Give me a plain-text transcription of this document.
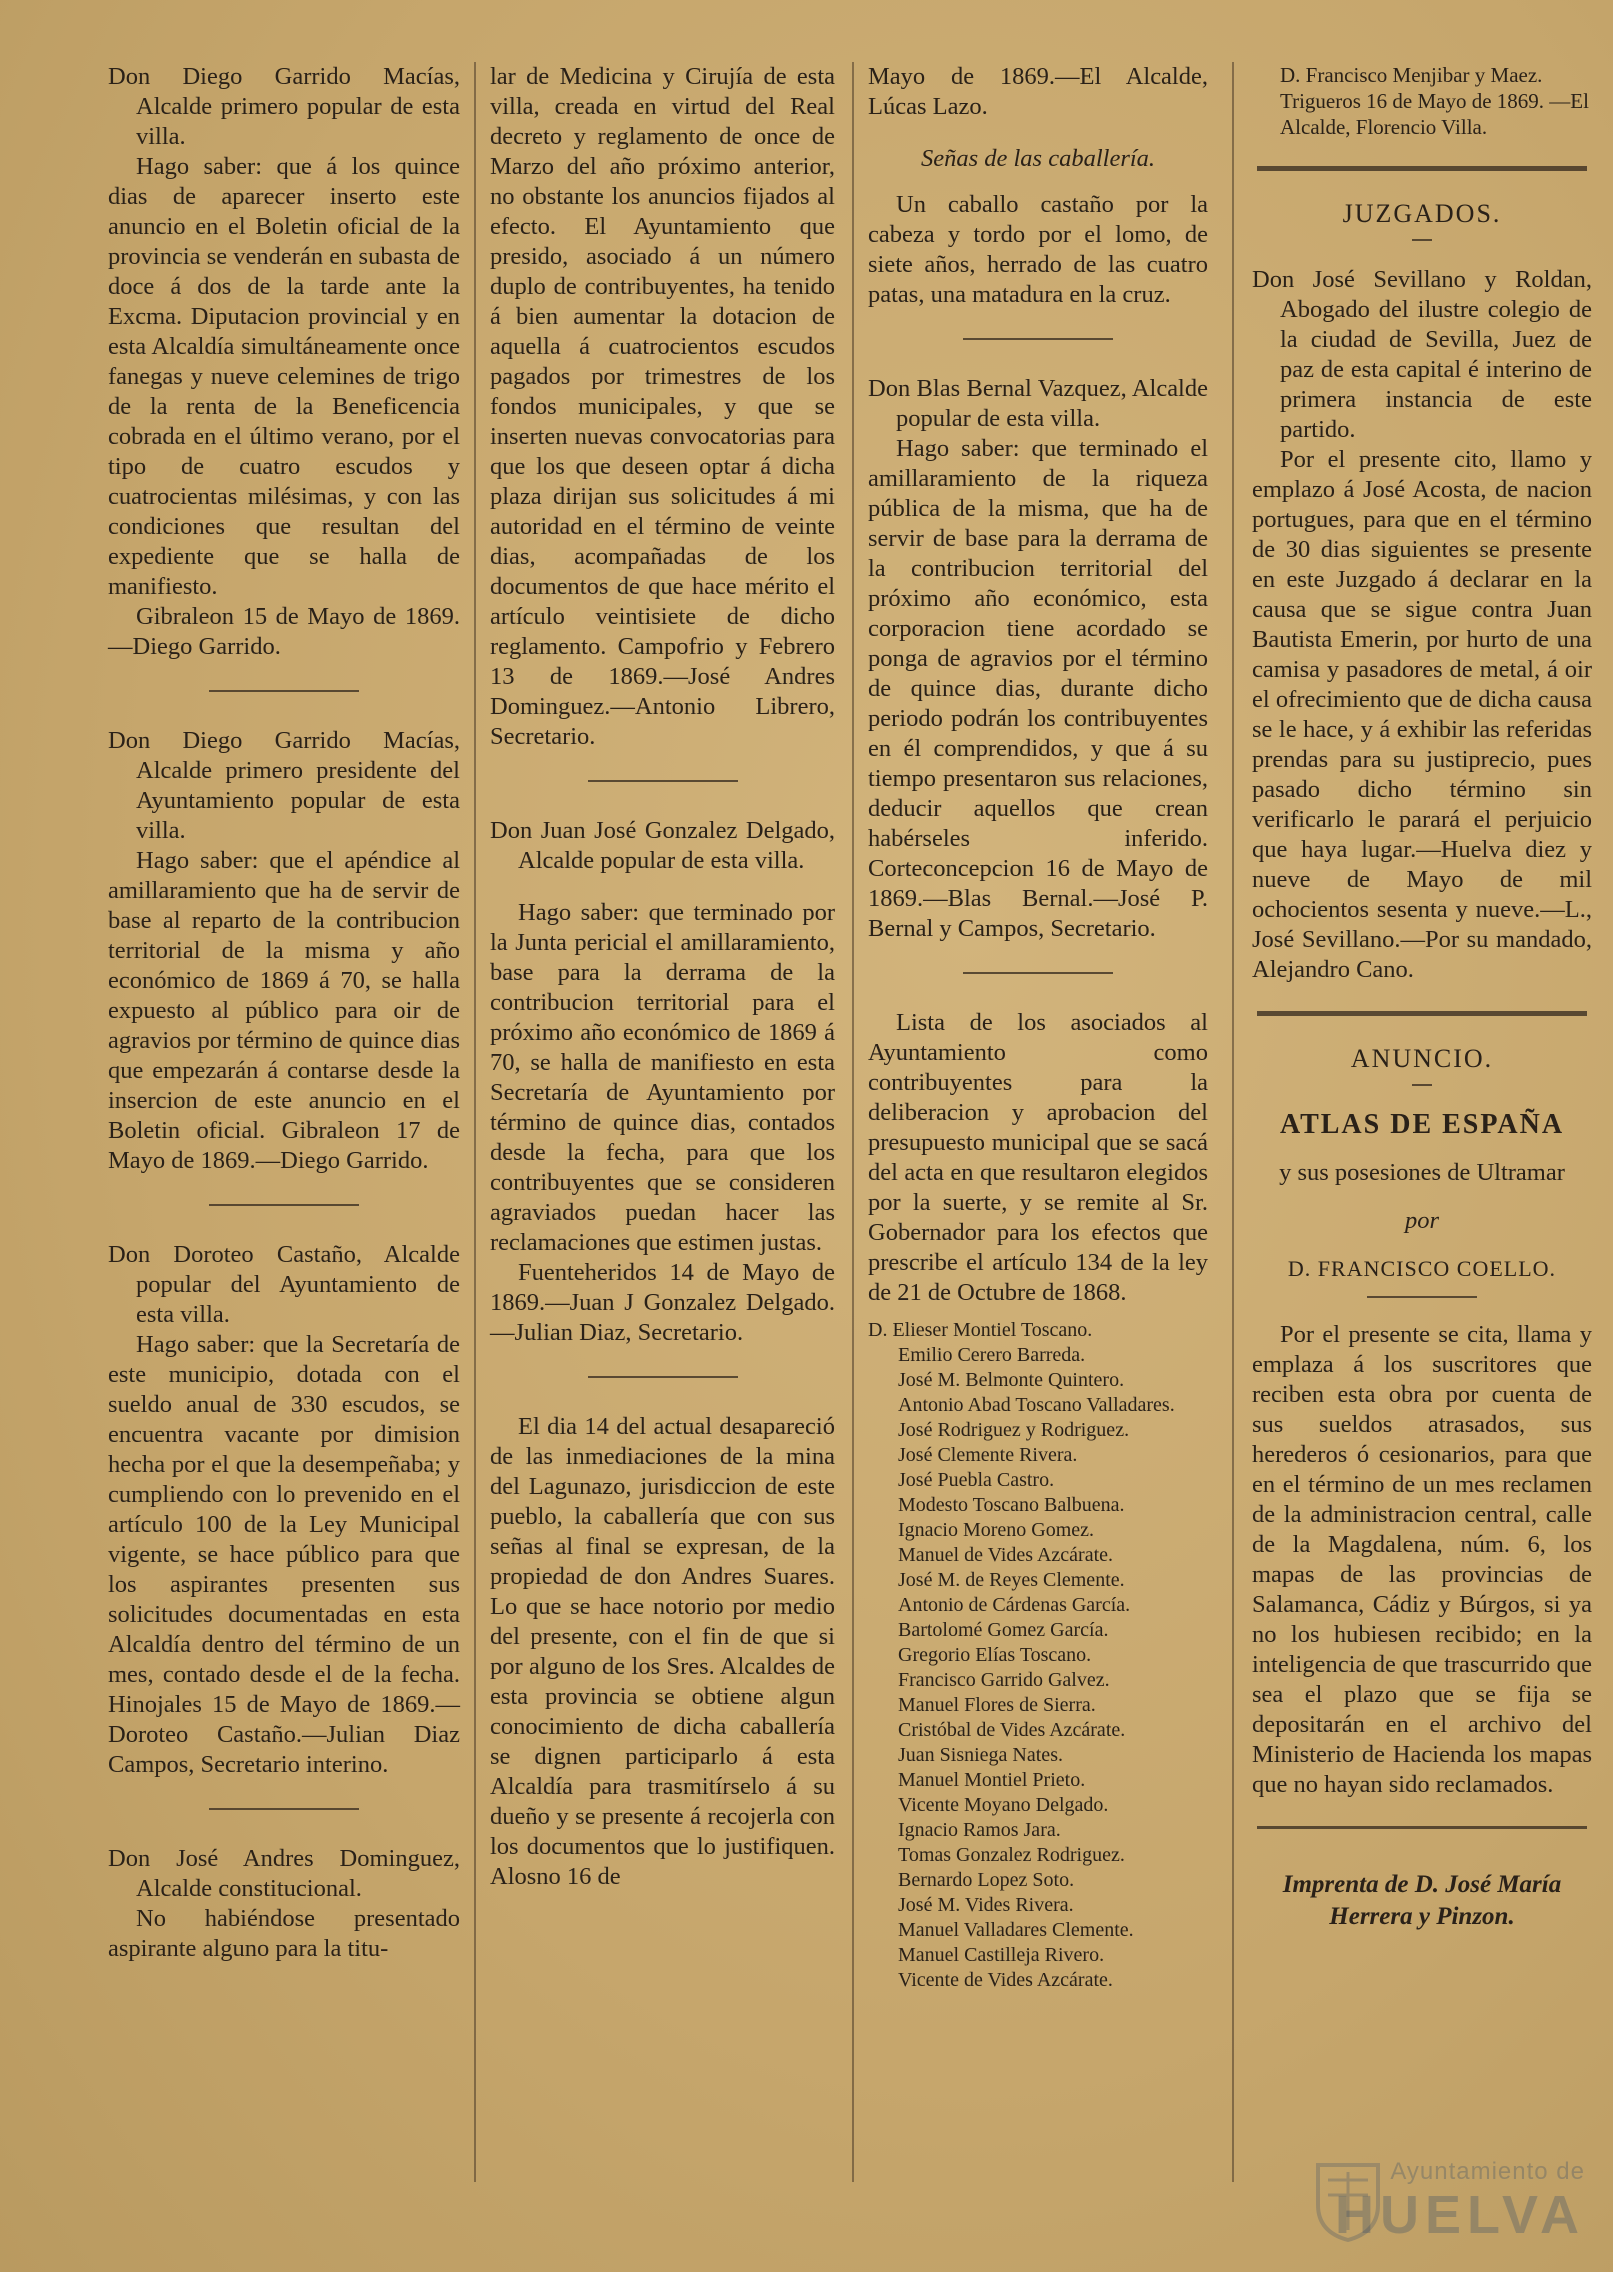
Don Diego Garrido Macías, Alcalde primero popular de esta villa.

Hago saber: que á los quince dias de aparecer inserto este anuncio en el Boletin oficial de la provincia se venderán en subasta de doce á dos de la tarde ante la Excma. Diputacion provincial y en esta Alcaldía simultáneamente once fanegas y nueve celemines de trigo de la renta de la Beneficencia cobrada en el último verano, por el tipo de cuatro escudos y cuatrocientas milésimas, y con las condiciones que resultan del expediente que se halla de manifiesto.

Gibraleon 15 de Mayo de 1869.—Diego Garrido.

Don Diego Garrido Macías, Alcalde primero presidente del Ayuntamiento popular de esta villa.

Hago saber: que el apéndice al amillaramiento que ha de servir de base al reparto de la contribucion territorial de la misma y año económico de 1869 á 70, se halla expuesto al público para oir de agravios por término de quince dias que empezarán á contarse desde la insercion de este anuncio en el Boletin oficial. Gibraleon 17 de Mayo de 1869.—Diego Garrido.

Don Doroteo Castaño, Alcalde popular del Ayuntamiento de esta villa.

Hago saber: que la Secretaría de este municipio, dotada con el sueldo anual de 330 escudos, se encuentra vacante por dimision hecha por el que la desempeñaba; y cumpliendo con lo prevenido en el artículo 100 de la Ley Municipal vigente, se hace público para que los aspirantes presenten sus solicitudes documentadas en esta Alcaldía dentro del término de un mes, contado desde el de la fecha. Hinojales 15 de Mayo de 1869.—Doroteo Castaño.—Julian Diaz Campos, Secretario interino.

Don José Andres Dominguez, Alcalde constitucional.

No habiéndose presentado aspirante alguno para la titu-

lar de Medicina y Cirujía de esta villa, creada en virtud del Real decreto y reglamento de once de Marzo del año próximo anterior, no obstante los anuncios fijados al efecto. El Ayuntamiento que presido, asociado á un número duplo de contribuyentes, ha tenido á bien aumentar la dotacion de aquella á cuatrocientos escudos pagados por trimestres de los fondos municipales, y que se inserten nuevas convocatorias para que los que deseen optar á dicha plaza dirijan sus solicitudes á mi autoridad en el término de veinte dias, acompañadas de los documentos de que hace mérito el artículo veintisiete de dicho reglamento. Campofrio y Febrero 13 de 1869.—José Andres Dominguez.—Antonio Librero, Secretario.

Don Juan José Gonzalez Delgado, Alcalde popular de esta villa.

Hago saber: que terminado por la Junta pericial el amillaramiento, base para la derrama de la contribucion territorial para el próximo año económico de 1869 á 70, se halla de manifiesto en esta Secretaría de Ayuntamiento por término de quince dias, contados desde la fecha, para que los contribuyentes que se consideren agraviados puedan hacer las reclamaciones que estimen justas.

Fuenteheridos 14 de Mayo de 1869.—Juan J Gonzalez Delgado.—Julian Diaz, Secretario.

El dia 14 del actual desapareció de las inmediaciones de la mina del Lagunazo, jurisdiccion de este pueblo, la caballería que con sus señas al final se expresan, de la propiedad de don Andres Suares. Lo que se hace notorio por medio del presente, con el fin de que si por alguno de los Sres. Alcaldes de esta provincia se obtiene algun conocimiento de dicha caballería se dignen participarlo á esta Alcaldía para trasmitírselo á su dueño y se presente á recojerla con los documentos que lo justifiquen. Alosno 16 de

Mayo de 1869.—El Alcalde, Lúcas Lazo.

Señas de las caballería.

Un caballo castaño por la cabeza y tordo por el lomo, de siete años, herrado de las cuatro patas, una matadura en la cruz.

Don Blas Bernal Vazquez, Alcalde popular de esta villa.

Hago saber: que terminado el amillaramiento de la riqueza pública de la misma, que ha de servir de base para la derrama de la contribucion territorial del próximo año económico, esta corporacion tiene acordado se ponga de agravios por el término de quince dias, durante dicho periodo podrán los contribuyentes en él comprendidos, y que á su tiempo presentaron sus relaciones, deducir aquellos que crean habérseles inferido. Corteconcepcion 16 de Mayo de 1869.—Blas Bernal.—José P. Bernal y Campos, Secretario.

Lista de los asociados al Ayuntamiento como contribuyentes para la deliberacion y aprobacion del presupuesto municipal que se sacá del acta en que resultaron elegidos por la suerte, y se remite al Sr. Gobernador para los efectos que prescribe el artículo 134 de la ley de 21 de Octubre de 1868.

D. Elieser Montiel Toscano.
Emilio Cerero Barreda.
José M. Belmonte Quintero.
Antonio Abad Toscano Valladares.
José Rodriguez y Rodriguez.
José Clemente Rivera.
José Puebla Castro.
Modesto Toscano Balbuena.
Ignacio Moreno Gomez.
Manuel de Vides Azcárate.
José M. de Reyes Clemente.
Antonio de Cárdenas García.
Bartolomé Gomez García.
Gregorio Elías Toscano.
Francisco Garrido Galvez.
Manuel Flores de Sierra.
Cristóbal de Vides Azcárate.
Juan Sisniega Nates.
Manuel Montiel Prieto.
Vicente Moyano Delgado.
Ignacio Ramos Jara.
Tomas Gonzalez Rodriguez.
Bernardo Lopez Soto.
José M. Vides Rivera.
Manuel Valladares Clemente.
Manuel Castilleja Rivero.
Vicente de Vides Azcárate.

D. Francisco Menjibar y Maez. Trigueros 16 de Mayo de 1869. —El Alcalde, Florencio Villa.

JUZGADOS.

Don José Sevillano y Roldan, Abogado del ilustre colegio de la ciudad de Sevilla, Juez de paz de esta capital é interino de primera instancia de este partido.

Por el presente cito, llamo y emplazo á José Acosta, de nacion portugues, para que en el término de 30 dias siguientes se presente en este Juzgado á declarar en la causa que se sigue contra Juan Bautista Emerin, por hurto de una camisa y pasadores de metal, á oir el ofrecimiento que de dicha causa se le hace, y á exhibir las referidas prendas para su justiprecio, pues pasado dicho término sin verificarlo le parará el perjuicio que haya lugar.—Huelva diez y nueve de Mayo de mil ochocientos sesenta y nueve.—L., José Sevillano.—Por su mandado, Alejandro Cano.

ANUNCIO.

ATLAS DE ESPAÑA

y sus posesiones de Ultramar

por

D. FRANCISCO COELLO.

Por el presente se cita, llama y emplaza á los suscritores que reciben esta obra por cuenta de sus sueldos atrasados, sus herederos ó cesionarios, para que en el término de un mes reclamen de la administracion central, calle de la Magdalena, núm. 6, los mapas de las provincias de Salamanca, Cádiz y Búrgos, si ya no los hubiesen recibido; en la inteligencia de que trascurrido que sea el plazo que se fija se depositarán en el archivo del Ministerio de Hacienda los mapas que no hayan sido reclamados.

Imprenta de D. José María
Herrera y Pinzon.
Ayuntamiento de
HUELVA
